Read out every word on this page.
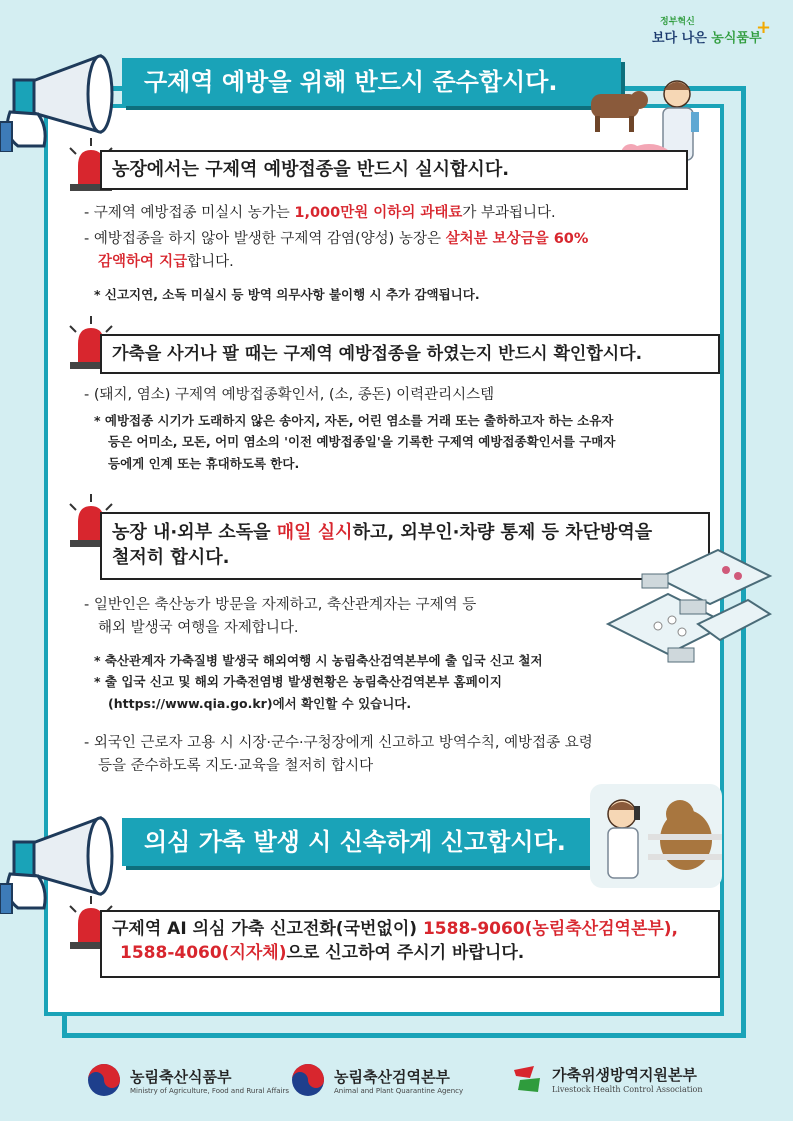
정부혁신
보다 나은 농식품부
+
구제역 예방을 위해 반드시 준수합시다.
농장에서는 구제역 예방접종을 반드시 실시합시다.
- 구제역 예방접종 미실시 농가는 1,000만원 이하의 과태료가 부과됩니다.
- 예방접종을 하지 않아 발생한 구제역 감염(양성) 농장은 살처분 보상금을 60%
감액하여 지급합니다.
* 신고지연, 소독 미실시 등 방역 의무사항 불이행 시 추가 감액됩니다.
가축을 사거나 팔 때는 구제역 예방접종을 하였는지 반드시 확인합시다.
- (돼지, 염소) 구제역 예방접종확인서, (소, 종돈) 이력관리시스템
* 예방접종 시기가 도래하지 않은 송아지, 자돈, 어린 염소를 거래 또는 출하하고자 하는 소유자
등은 어미소, 모돈, 어미 염소의 '이전 예방접종일'을 기록한 구제역 예방접종확인서를 구매자
등에게 인계 또는 휴대하도록 한다.
농장 내·외부 소독을 매일 실시하고, 외부인·차량 통제 등 차단방역을
철저히 합시다.
- 일반인은 축산농가 방문을 자제하고, 축산관계자는 구제역 등
해외 발생국 여행을 자제합니다.
* 축산관계자 가축질병 발생국 해외여행 시 농림축산검역본부에 출 입국 신고 철저
* 출 입국 신고 및 해외 가축전염병 발생현황은 농림축산검역본부 홈페이지
(https://www.qia.go.kr)에서 확인할 수 있습니다.
- 외국인 근로자 고용 시 시장·군수·구청장에게 신고하고 방역수칙, 예방접종 요령
등을 준수하도록 지도·교육을 철저히 합시다
의심 가축 발생 시 신속하게 신고합시다.
구제역 AI 의심 가축 신고전화(국번없이) 1588-9060(농림축산검역본부),
1588-4060(지자체)으로 신고하여 주시기 바랍니다.
농림축산식품부
Ministry of Agriculture, Food and Rural Affairs
농림축산검역본부
Animal and Plant Quarantine Agency
가축위생방역지원본부
Livestock Health Control Association
